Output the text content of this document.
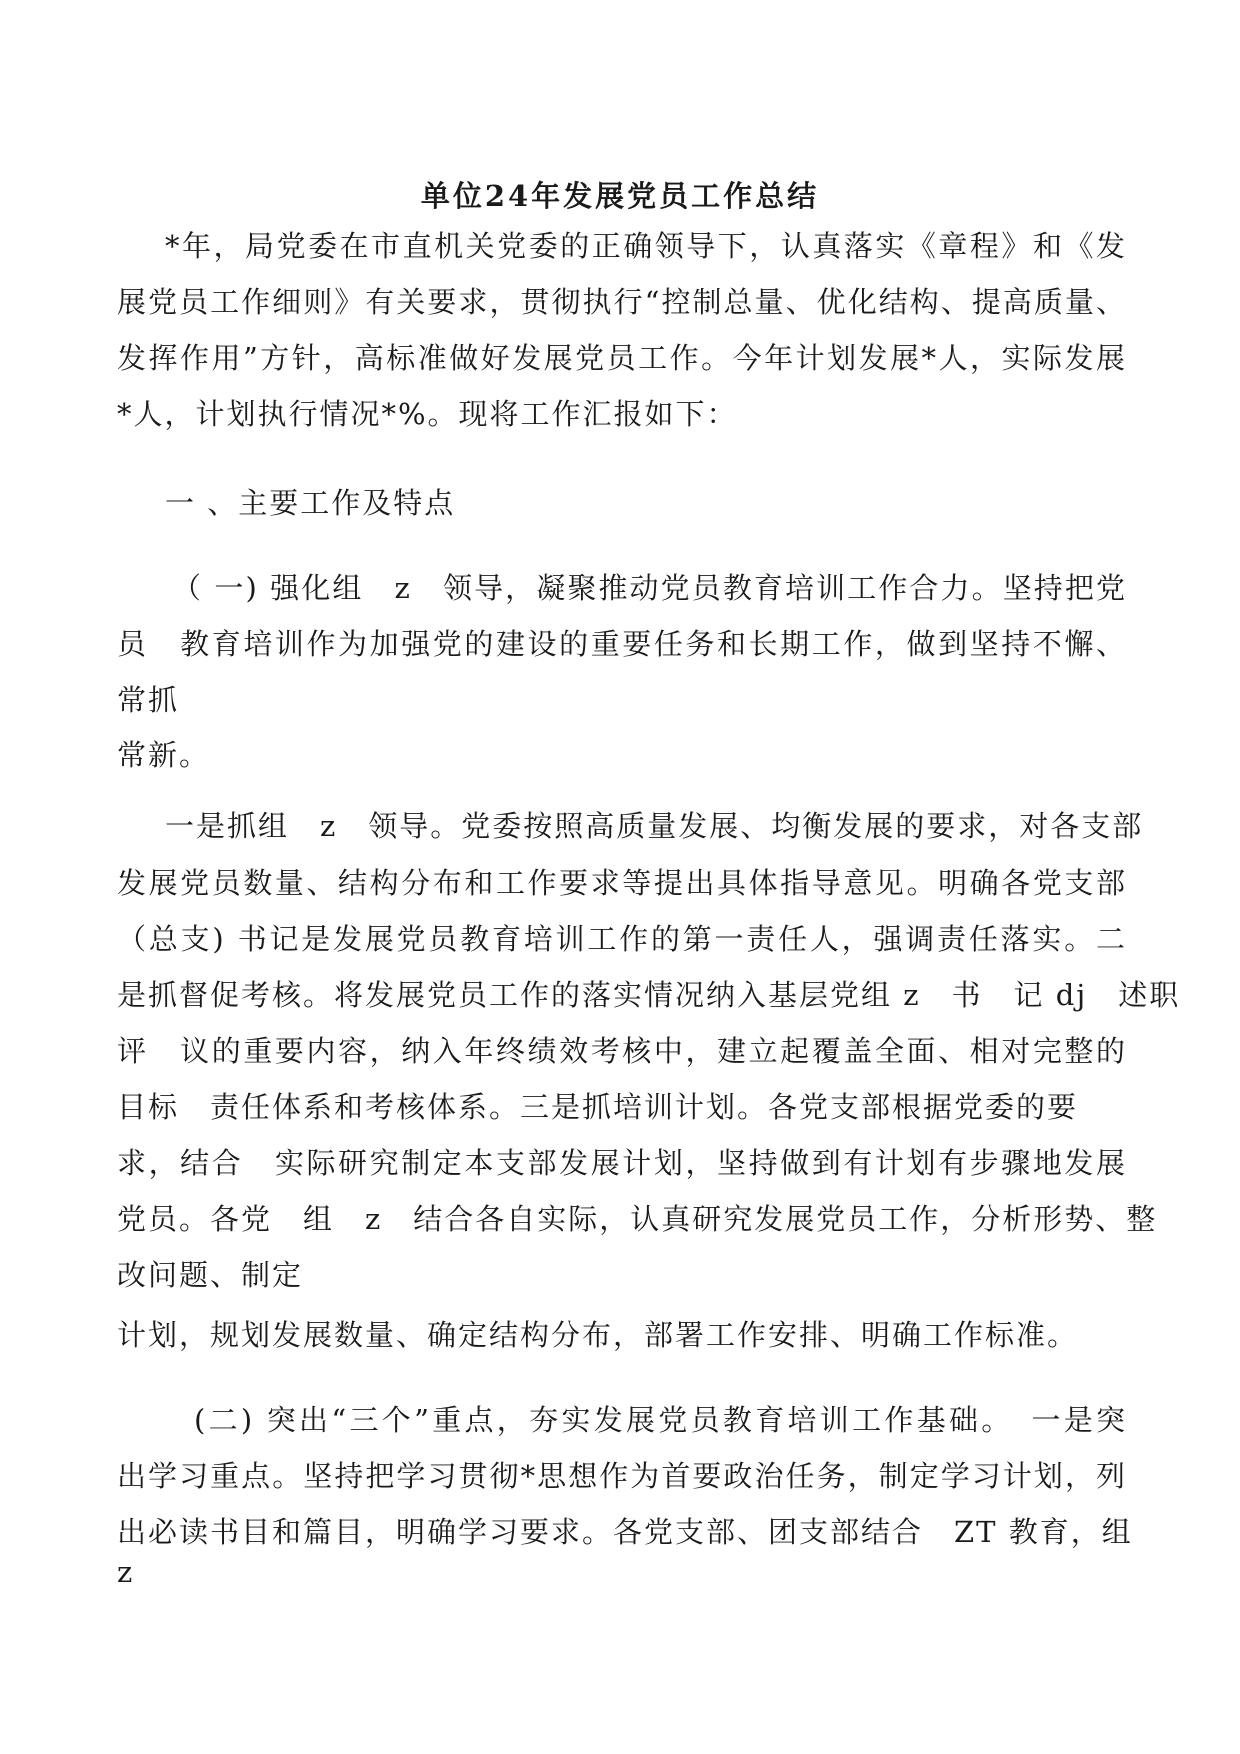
单位24年发展党员工作总结
*年，局党委在市直机关党委的正确领导下，认真落实《章程》和《发
展党员工作细则》有关要求，贯彻执行“控制总量、优化结构、提高质量、
发挥作用”方针，高标准做好发展党员工作。今年计划发展*人，实际发展
*人，计划执行情况*%。现将工作汇报如下：
一 、主要工作及特点
（ 一) 强化组　z　领导，凝聚推动党员教育培训工作合力。坚持把党
员　教育培训作为加强党的建设的重要任务和长期工作，做到坚持不懈、
常抓
常新。
一是抓组　z　领导。党委按照高质量发展、均衡发展的要求，对各支部
发展党员数量、结构分布和工作要求等提出具体指导意见。明确各党支部
（总支) 书记是发展党员教育培训工作的第一责任人，强调责任落实。二
是抓督促考核。将发展党员工作的落实情况纳入基层党组 z　书　记 dj　述职
评　议的重要内容，纳入年终绩效考核中，建立起覆盖全面、相对完整的
目标　责任体系和考核体系。三是抓培训计划。各党支部根据党委的要
求，结合　实际研究制定本支部发展计划，坚持做到有计划有步骤地发展
党员。各党　组　z　结合各自实际，认真研究发展党员工作，分析形势、整
改问题、制定
计划，规划发展数量、确定结构分布，部署工作安排、明确工作标准。
(二) 突出“三个”重点，夯实发展党员教育培训工作基础。　一是突
出学习重点。坚持把学习贯彻*思想作为首要政治任务，制定学习计划，列
出必读书目和篇目，明确学习要求。各党支部、团支部结合　ZT 教育，组
z
